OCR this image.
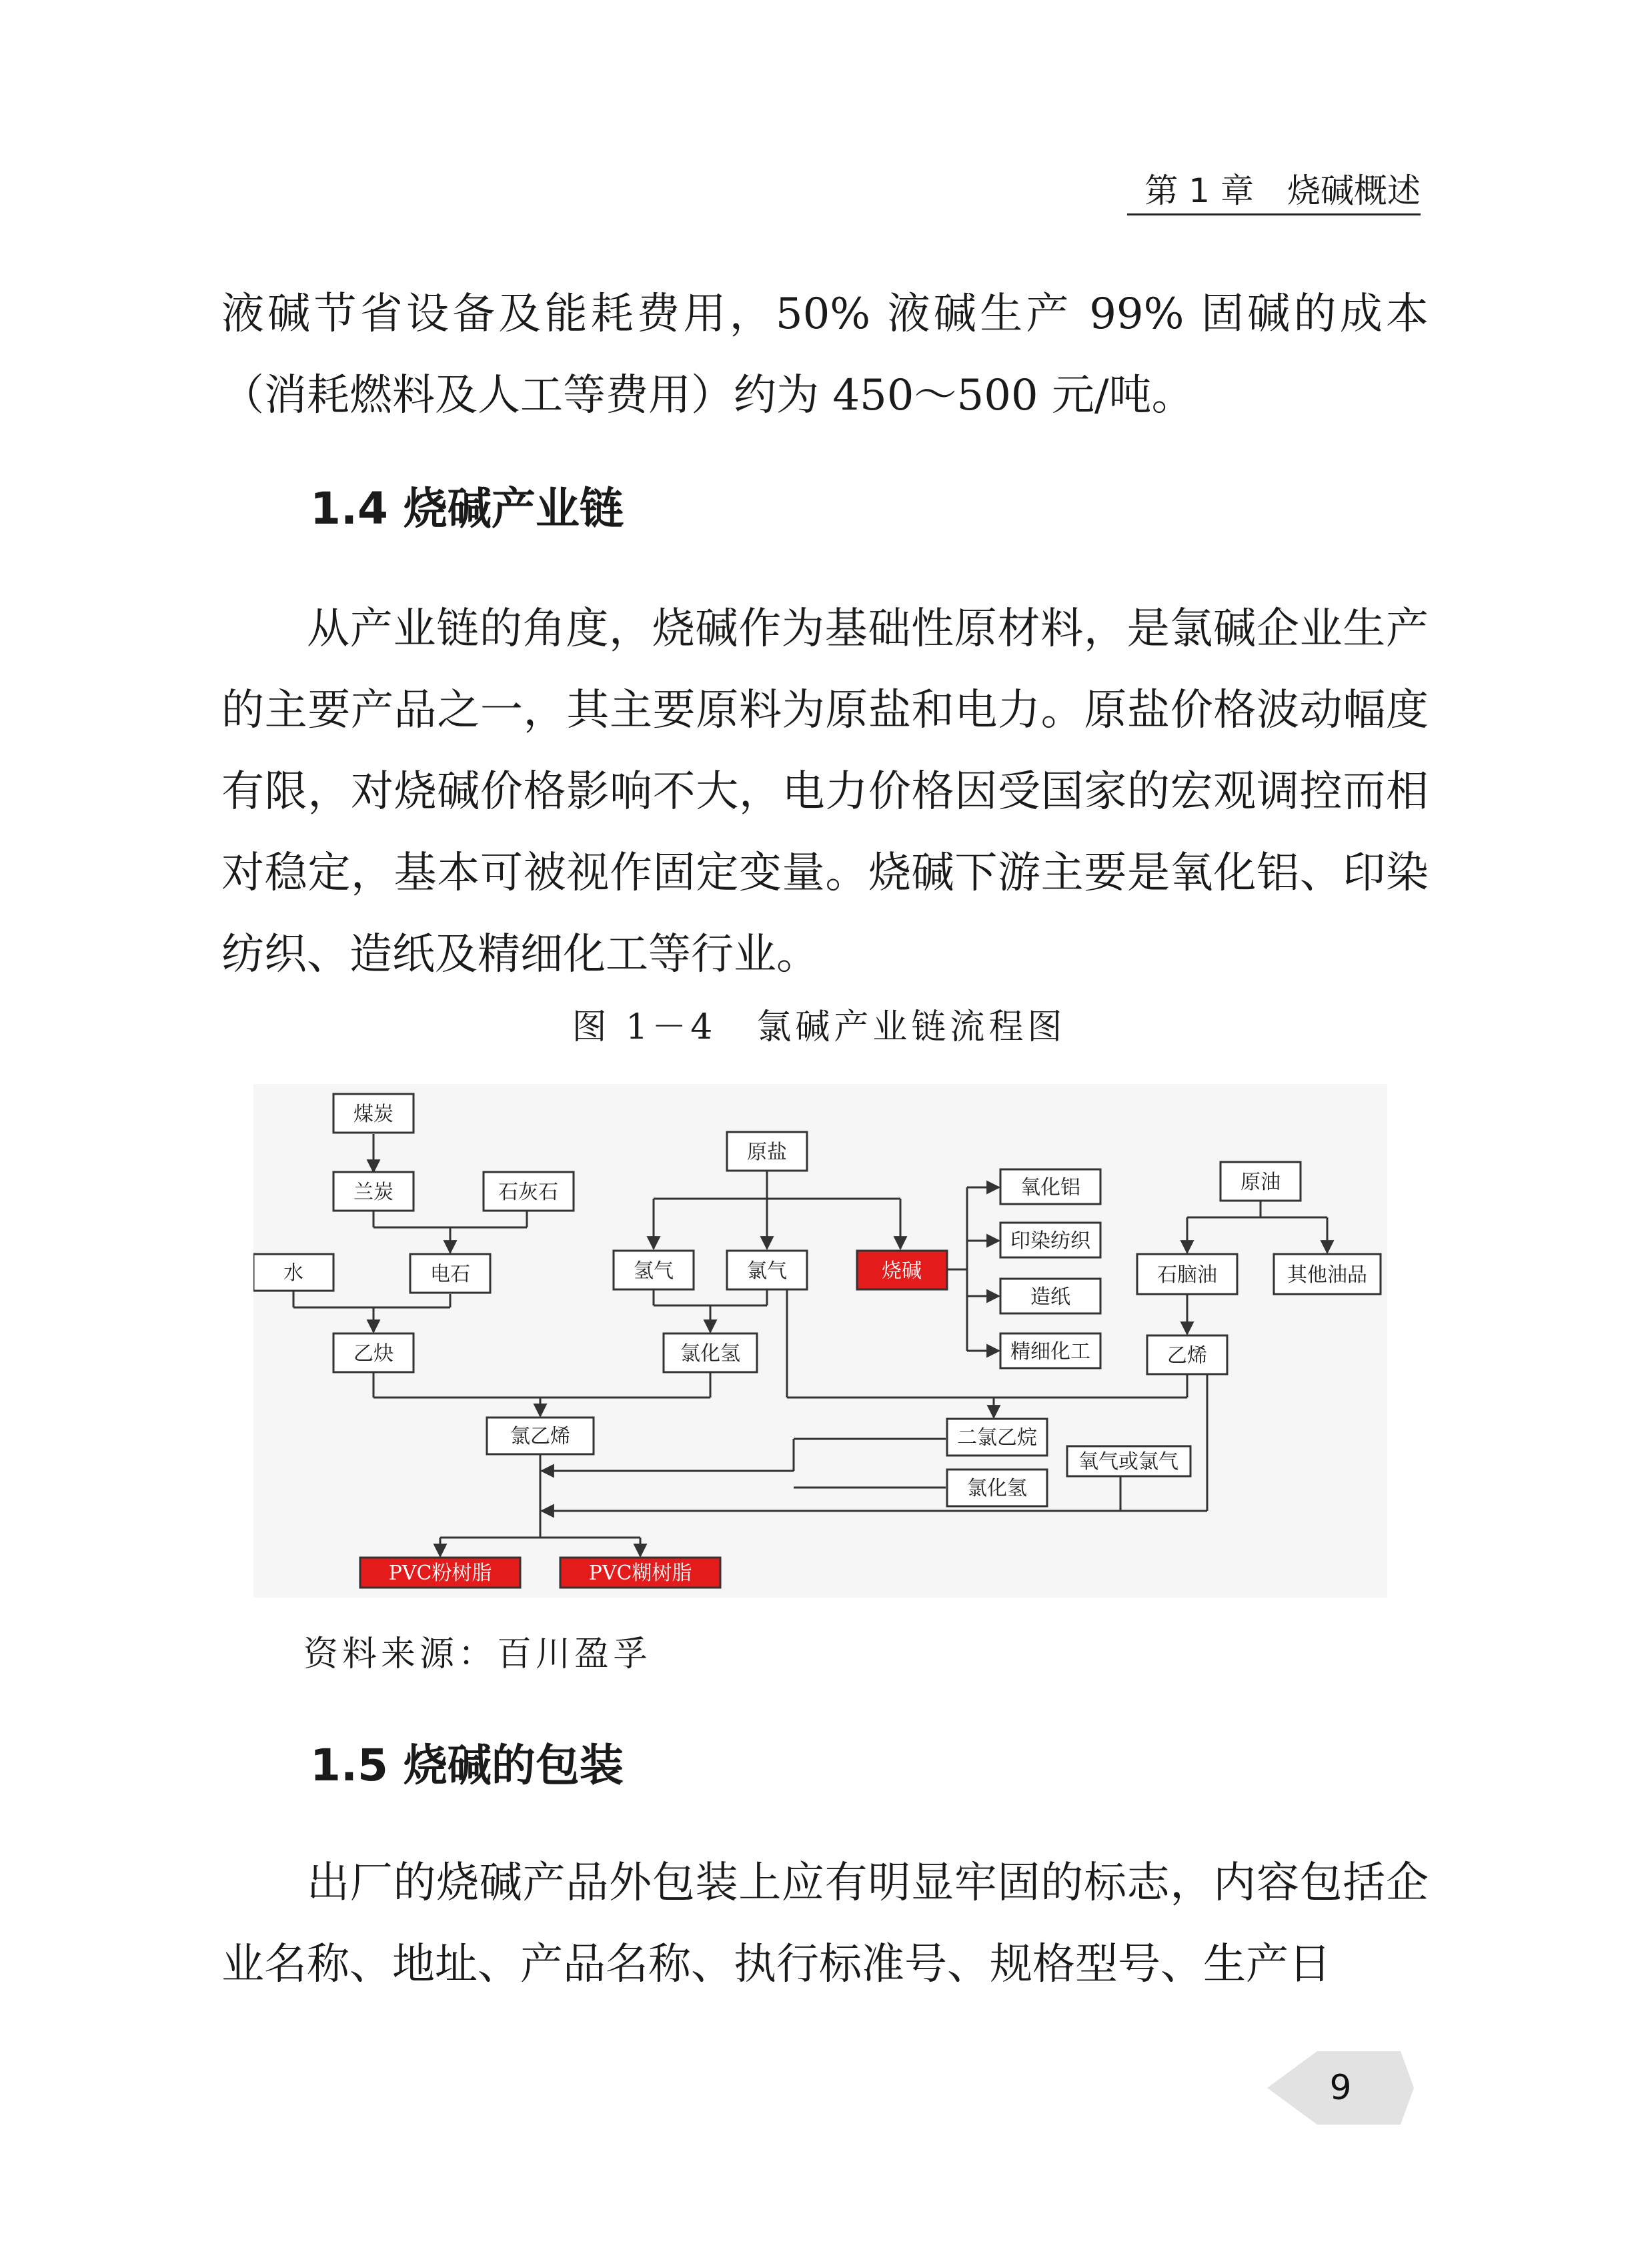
第 1 章　烧碱概述

液碱节省设备及能耗费用，50% 液碱生产 99% 固碱的成本（消耗燃料及人工等费用）约为 450～500 元/吨。

1.4 烧碱产业链

从产业链的角度，烧碱作为基础性原材料，是氯碱企业生产的主要产品之一，其主要原料为原盐和电力。原盐价格波动幅度有限，对烧碱价格影响不大，电力价格因受国家的宏观调控而相对稳定，基本可被视作固定变量。烧碱下游主要是氧化铝、印染纺织、造纸及精细化工等行业。

图 1－4 氯碱产业链流程图
煤炭
兰炭	石灰石
水	电石
乙炔
原盐
氢气	氯气	烧碱
氯化氢
氧化铝
印染纺织
造纸
精细化工
原油
石脑油	其他油品
乙烯
氯乙烯	二氯乙烷
氯化氢
氧气或氯气
PVC粉树脂	PVC糊树脂
资料来源：百川盈孚
1.5 烧碱的包装

出厂的烧碱产品外包装上应有明显牢固的标志，内容包括企业名称、地址、产品名称、执行标准号、规格型号、生产日

9
